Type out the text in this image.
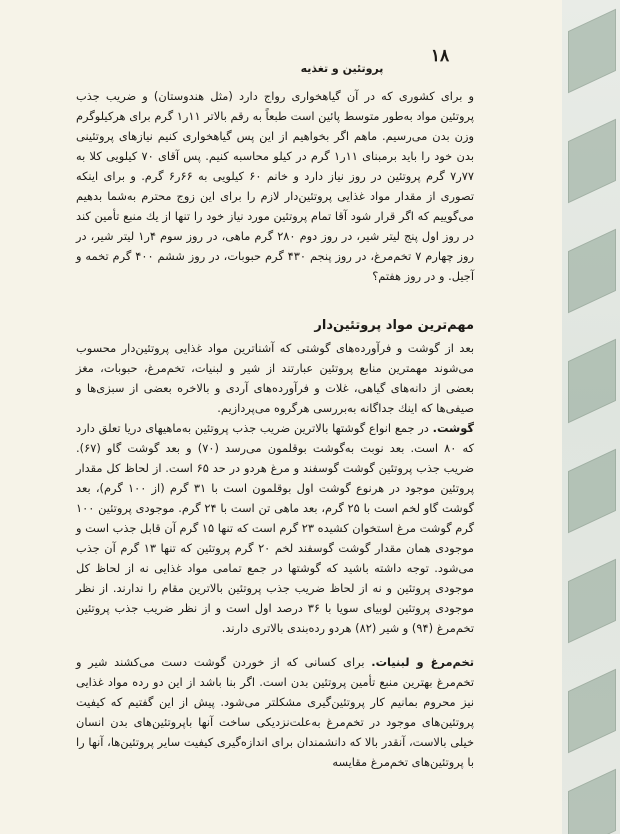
۱۸
پروتئین و تغذیه

و برای کشوری که در آن گیاهخواری رواج دارد (مثل هندوستان) و ضریب جذب پروتئین مواد به‌طور متوسط پائین است طبعاً به رقم بالاتر ۱۱ر۱ گرم برای هرکیلوگرم وزن بدن می‌رسیم. ماهم اگر بخواهیم از این پس گیاهخواری کنیم نیازهای پروتئینی بدن خود را باید برمبنای ۱۱ر۱ گرم در کیلو محاسبه کنیم. پس آقای ۷۰ کیلویی کلا به ۷۷ر۷ گرم پروتئین در روز نیاز دارد و خانم ۶۰ کیلویی به ۶۶ر۶ گرم. و برای اینکه تصوری از مقدار مواد غذایی پروتئین‌دار لازم را برای این زوج محترم به‌شما بدهیم می‌گوییم که اگر قرار شود آقا تمام پروتئین مورد نیاز خود را تنها از یك منبع تأمین کند در روز اول پنج لیتر شیر، در روز دوم ۲۸۰ گرم ماهی، در روز سوم ۴ر۱ لیتر شیر، در روز چهارم ۷ تخم‌مرغ، در روز پنجم ۴۳۰ گرم حبوبات، در روز ششم ۴۰۰ گرم تخمه و آجیل. و در روز هفتم؟

مهم‌ترین مواد پروتئین‌دار

بعد از گوشت و فرآورده‌های گوشتی که آشناترین مواد غذایی پروتئین‌دار محسوب می‌شوند مهمترین منابع پروتئین عبارتند از شیر و لبنیات، تخم‌مرغ، حبوبات، مغز بعضی از دانه‌های گیاهی، غلات و فرآورده‌های آردی و بالاخره بعضی از سبزی‌ها و صیفی‌ها که اینك جداگانه به‌بررسی هرگروه می‌پردازیم.

گوشت. در جمع انواع گوشتها بالاترین ضریب جذب پروتئین به‌ماهیهای دریا تعلق دارد که ۸۰ است. بعد نوبت به‌گوشت بوقلمون می‌رسد (۷۰) و بعد گوشت گاو (۶۷). ضریب جذب پروتئین گوشت گوسفند و مرغ هردو در حد ۶۵ است. از لحاظ کل مقدار پروتئین موجود در هرنوع گوشت اول بوقلمون است با ۳۱ گرم (از ۱۰۰ گرم)، بعد گوشت گاو لخم است با ۲۵ گرم، بعد ماهی تن است با ۲۴ گرم. موجودی پروتئین ۱۰۰ گرم گوشت مرغ استخوان کشیده ۲۳ گرم است که تنها ۱۵ گرم آن قابل جذب است و موجودی همان مقدار گوشت گوسفند لخم ۲۰ گرم پروتئین که تنها ۱۳ گرم آن جذب می‌شود. توجه داشته باشید که گوشتها در جمع تمامی مواد غذایی نه از لحاظ کل موجودی پروتئین و نه از لحاظ ضریب جذب پروتئین بالاترین مقام را ندارند. از نظر موجودی پروتئین لوبیای سویا با ۳۶ درصد اول است و از نظر ضریب جذب پروتئین تخم‌مرغ (۹۴) و شیر (۸۲) هردو رده‌بندی بالاتری دارند.

تخم‌مرغ و لبنیات. برای کسانی که از خوردن گوشت دست می‌کشند شیر و تخم‌مرغ بهترین منبع تأمین پروتئین بدن است. اگر بنا باشد از این دو رده مواد غذایی نیز محروم بمانیم کار پروتئین‌گیری مشکلتر می‌شود. پیش از این گفتیم که کیفیت پروتئین‌های موجود در تخم‌مرغ به‌علت‌نزدیکی ساخت آنها باپروتئین‌های بدن انسان خیلی بالاست، آنقدر بالا که دانشمندان برای اندازه‌گیری کیفیت سایر پروتئین‌ها، آنها را با پروتئین‌های تخم‌مرغ مقایسه
